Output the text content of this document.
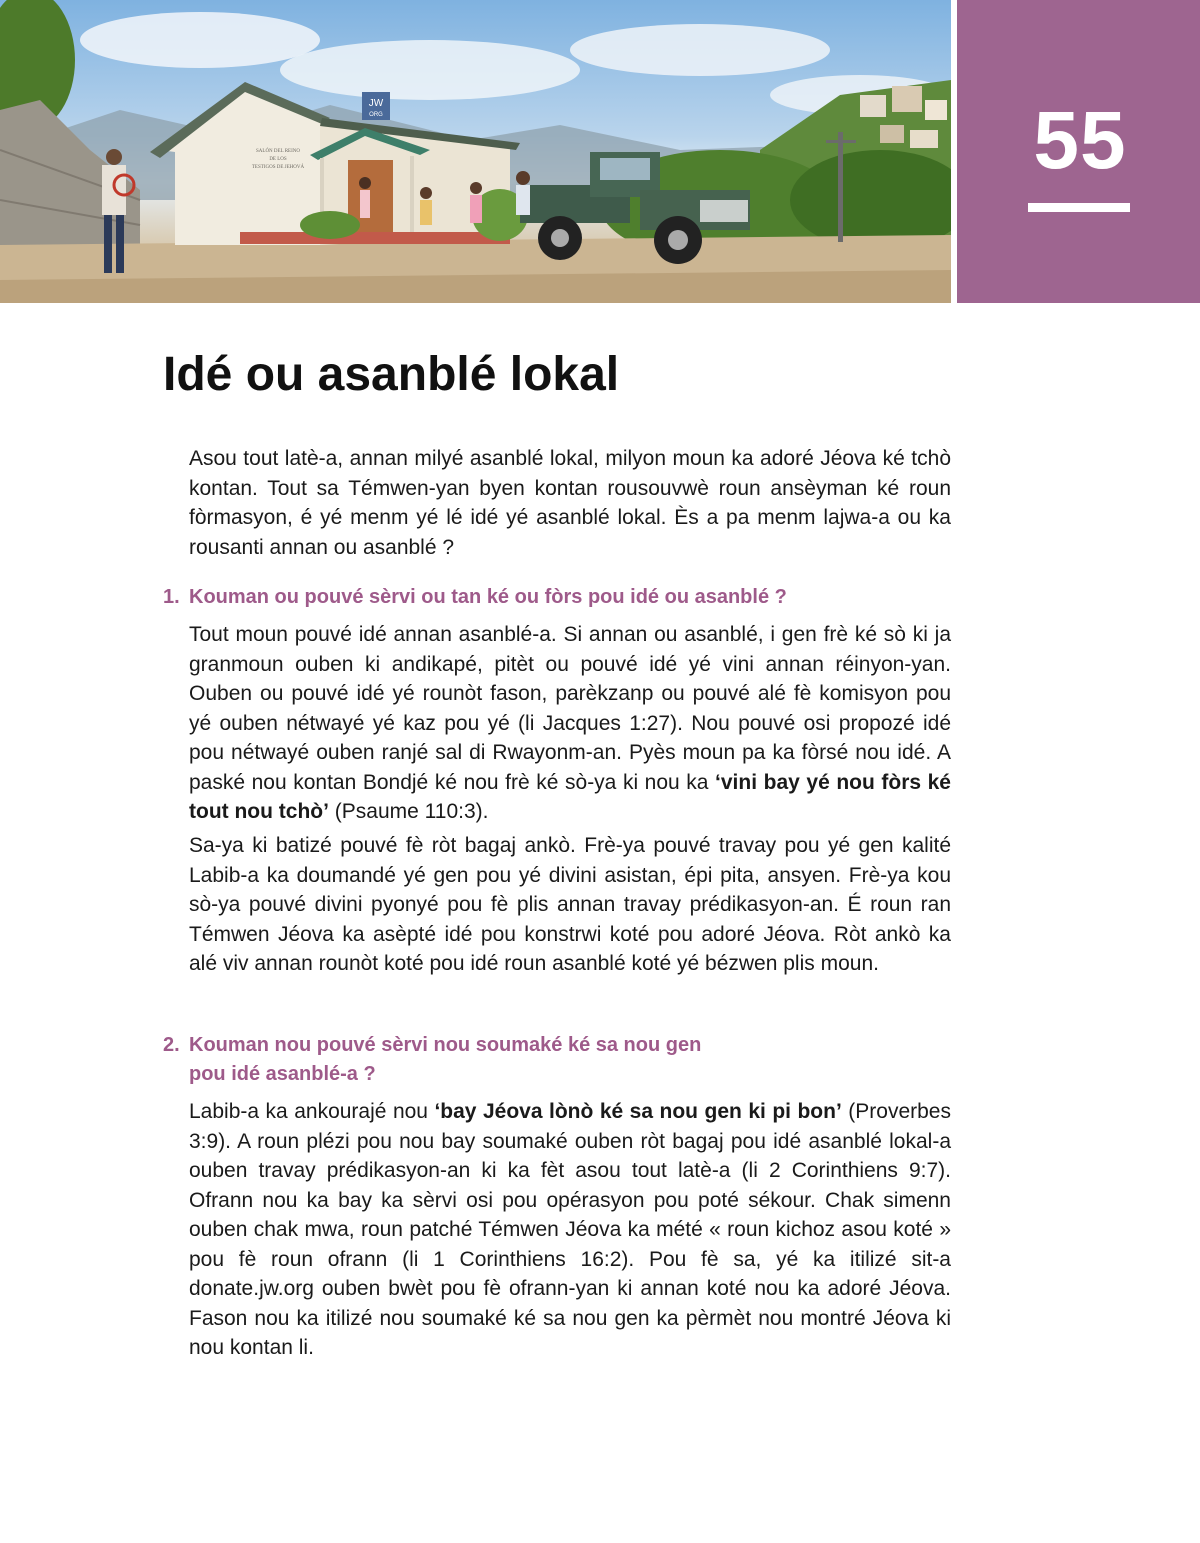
JW
ORG
SALÓN DEL REINO
DE LOS
TESTIGOS DE JEHOVÁ	55
Idé ou asanblé lokal

Asou tout latè-a, annan milyé asanblé lokal, milyon moun ka adoré Jéova ké tchò kontan. Tout sa Témwen-yan byen kontan rousouvwè roun ansèyman ké roun fòrmasyon, é yé menm yé lé idé yé asanblé lokal. Ès a pa menm lajwa-a ou ka rousanti annan ou asanblé ?

1. Kouman ou pouvé sèrvi ou tan ké ou fòrs pou idé ou asanblé ?

Tout moun pouvé idé annan asanblé-a. Si annan ou asanblé, i gen frè ké sò ki ja granmoun ouben ki andikapé, pitèt ou pouvé idé yé vini annan réinyon-yan. Ouben ou pouvé idé yé rounòt fason, parèkzanp ou pouvé alé fè komisyon pou yé ouben nétwayé yé kaz pou yé (li Jacques 1:27). Nou pouvé osi propozé idé pou nétwayé ouben ranjé sal di Rwayonm-an. Pyès moun pa ka fòrsé nou idé. A paské nou kontan Bondjé ké nou frè ké sò-ya ki nou ka ‘vini bay yé nou fòrs ké tout nou tchò’ (Psaume 110:3).

Sa-ya ki batizé pouvé fè ròt bagaj ankò. Frè-ya pouvé travay pou yé gen kalité Labib-a ka doumandé yé gen pou yé divini asistan, épi pita, ansyen. Frè-ya kou sò-ya pouvé divini pyonyé pou fè plis annan travay prédikasyon-an. É roun ran Témwen Jéova ka asèpté idé pou konstrwi koté pou adoré Jéova. Ròt ankò ka alé viv annan rounòt koté pou idé roun asanblé koté yé bézwen plis moun.

2. Kouman nou pouvé sèrvi nou soumaké ké sa nou gen
pou idé asanblé-a ?

Labib-a ka ankourajé nou ‘bay Jéova lònò ké sa nou gen ki pi bon’ (Proverbes 3:9). A roun plézi pou nou bay soumaké ouben ròt bagaj pou idé asanblé lokal-a ouben travay prédikasyon-an ki ka fèt asou tout latè-a (li 2 Corinthiens 9:7). Ofrann nou ka bay ka sèrvi osi pou opérasyon pou poté sékour. Chak simenn ouben chak mwa, roun patché Témwen Jéova ka mété « roun kichoz asou koté » pou fè roun ofrann (li 1 Corinthiens 16:2). Pou fè sa, yé ka itilizé sit-a donate.jw.org ouben bwèt pou fè ofrann-yan ki annan koté nou ka adoré Jéova. Fason nou ka itilizé nou soumaké ké sa nou gen ka pèrmèt nou montré Jéova ki nou kontan li.
